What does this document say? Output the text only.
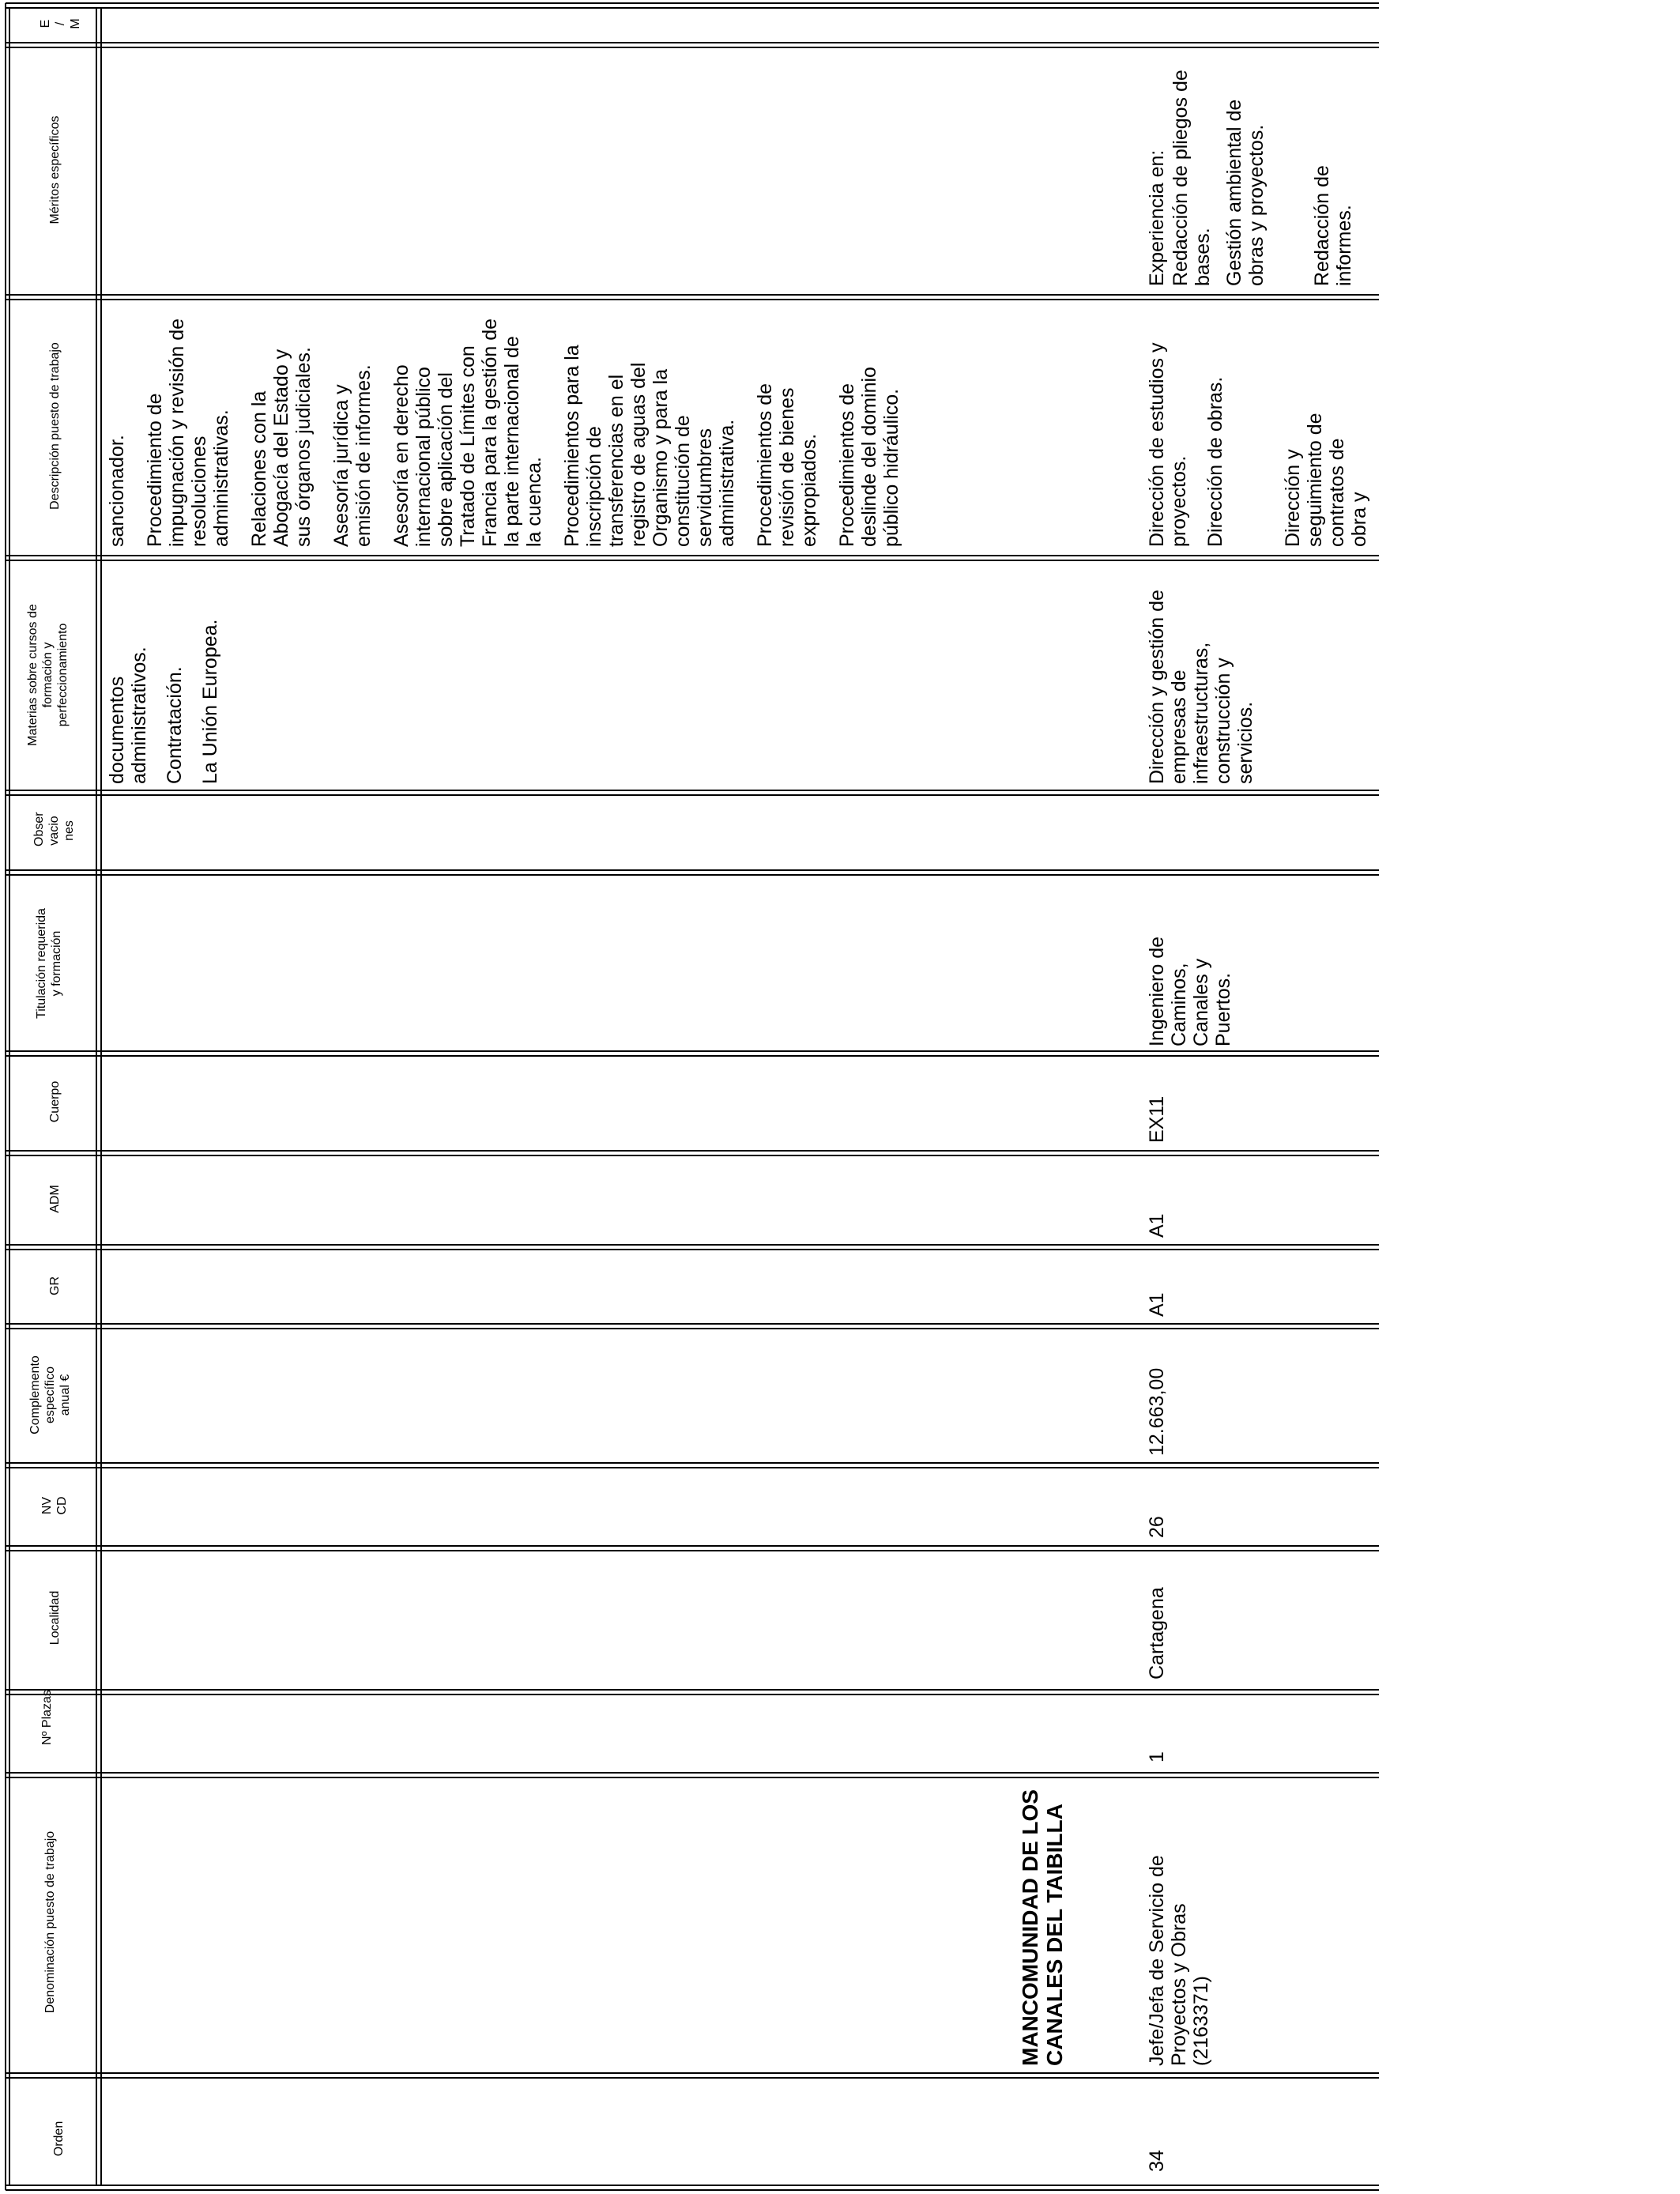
Orden
Denominación puesto de trabajo
Nº Plazas
Localidad
NV CD
Complemento específico anual €
GR
ADM
Cuerpo
Titulación requerida y formación
Obser vacio nes
Materias sobre cursos de formación y perfeccionamiento
Descripción puesto de trabajo
Méritos específicos
E / M
documentos administrativos. Contratación. La Unión Europea.
sancionador. Procedimiento de impugnación y revisión de resoluciones administrativas. Relaciones con la Abogacía del Estado y sus órganos judiciales. Asesoría jurídica y emisión de informes. Asesoría en derecho internacional público sobre aplicación del Tratado de Límites con Francia para la gestión de la parte internacional de la cuenca. Procedimientos para la inscripción de transferencias en el registro de aguas del Organismo y para la constitución de servidumbres administrativa. Procedimientos de revisión de bienes expropiados. Procedimientos de deslinde del dominio público hidráulico.
MANCOMUNIDAD DE LOS CANALES DEL TAIBILLA
34
Jefe/Jefa de Servicio de Proyectos y Obras (2163371)
1
Cartagena
26
12.663,00
A1
A1
EX11
Ingeniero de Caminos, Canales y Puertos.
Dirección y gestión de empresas de infraestructuras, construcción y servicios.
Dirección de estudios y proyectos. Dirección de obras.	Dirección y seguimiento de contratos de obra y
Experiencia en: Redacción de pliegos de bases. Gestión ambiental de obras y proyectos. Redacción de informes.
